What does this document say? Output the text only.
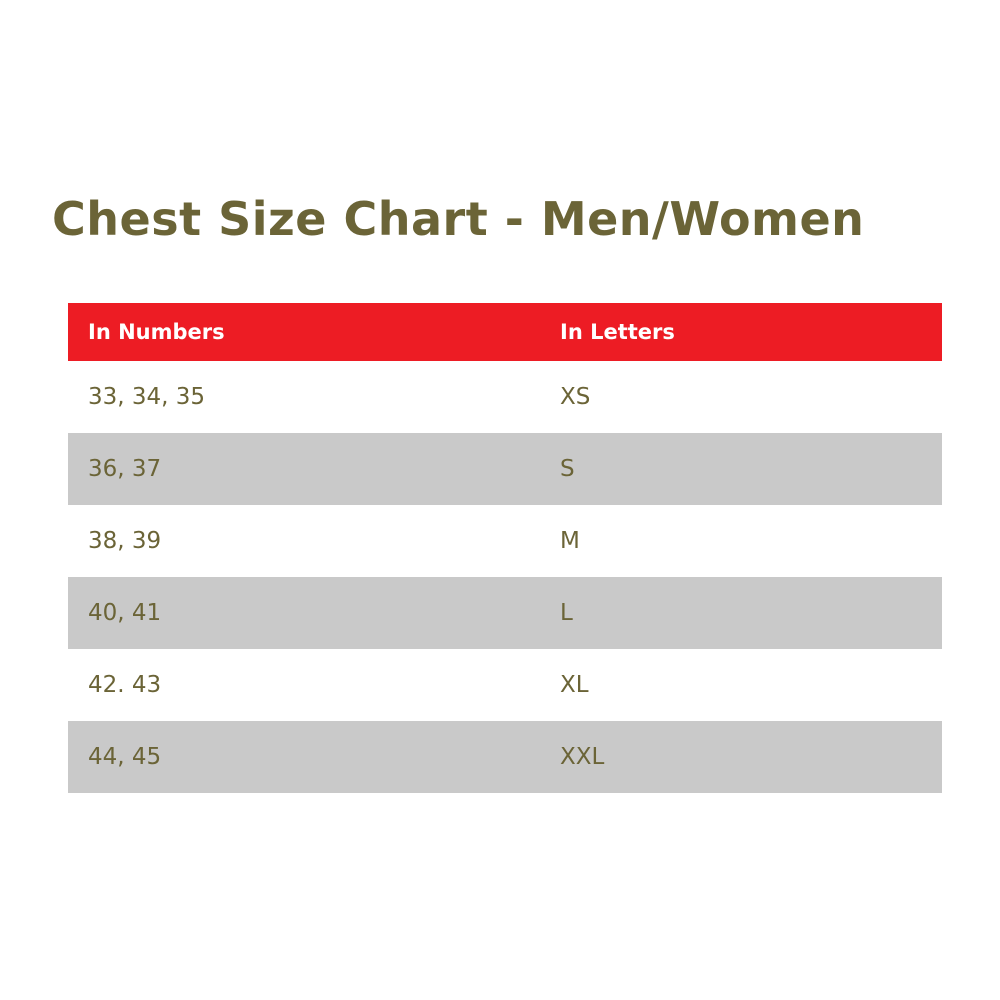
Chest Size Chart - Men/Women
In Numbers	In Letters
33, 34, 35	XS
36, 37	S
38, 39	M
40, 41	L
42. 43	XL
44, 45	XXL
